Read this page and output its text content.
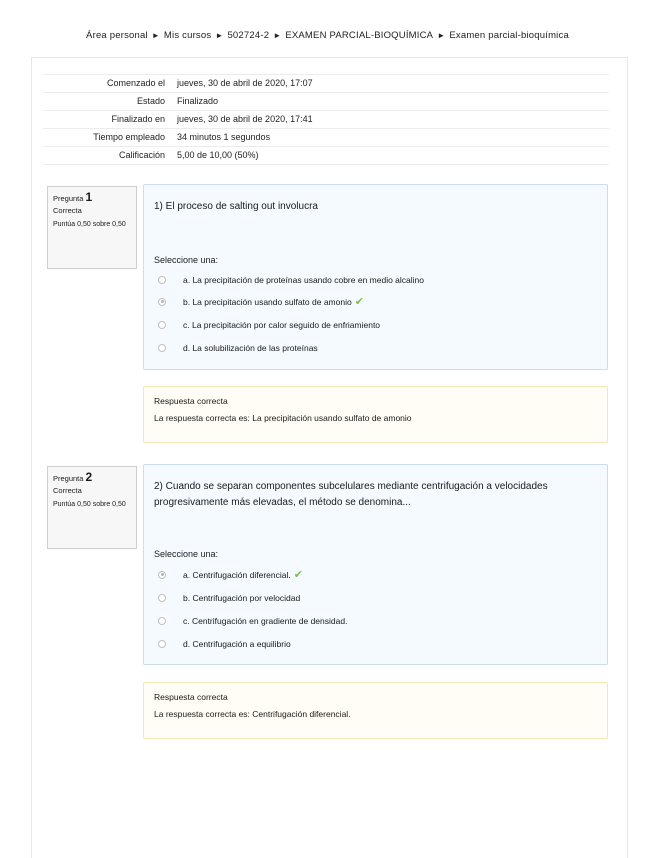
Área personal ► Mis cursos ► 502724-2 ► EXAMEN PARCIAL-BIOQUÍMICA ► Examen parcial-bioquímica
Comenzado el	jueves, 30 de abril de 2020, 17:07
Estado	Finalizado
Finalizado en	jueves, 30 de abril de 2020, 17:41
Tiempo empleado	34 minutos 1 segundos
Calificación	5,00 de 10,00 (50%)
Pregunta 1
Correcta
Puntúa 0,50 sobre 0,50
1) El proceso de salting out involucra
Seleccione una:
a. La precipitación de proteínas usando cobre en medio alcalino
b. La precipitación usando sulfato de amonio ✔
c. La precipitación por calor seguido de enfriamiento
d. La solubilización de las proteínas
Respuesta correcta
La respuesta correcta es: La precipitación usando sulfato de amonio
Pregunta 2
Correcta
Puntúa 0,50 sobre 0,50
2) Cuando se separan componentes subcelulares mediante centrifugación a velocidades progresivamente más elevadas, el método se denomina...
Seleccione una:
a. Centrifugación diferencial. ✔
b. Centrifugación por velocidad
c. Centrifugación en gradiente de densidad.
d. Centrifugación a equilibrio
Respuesta correcta
La respuesta correcta es: Centrifugación diferencial.
